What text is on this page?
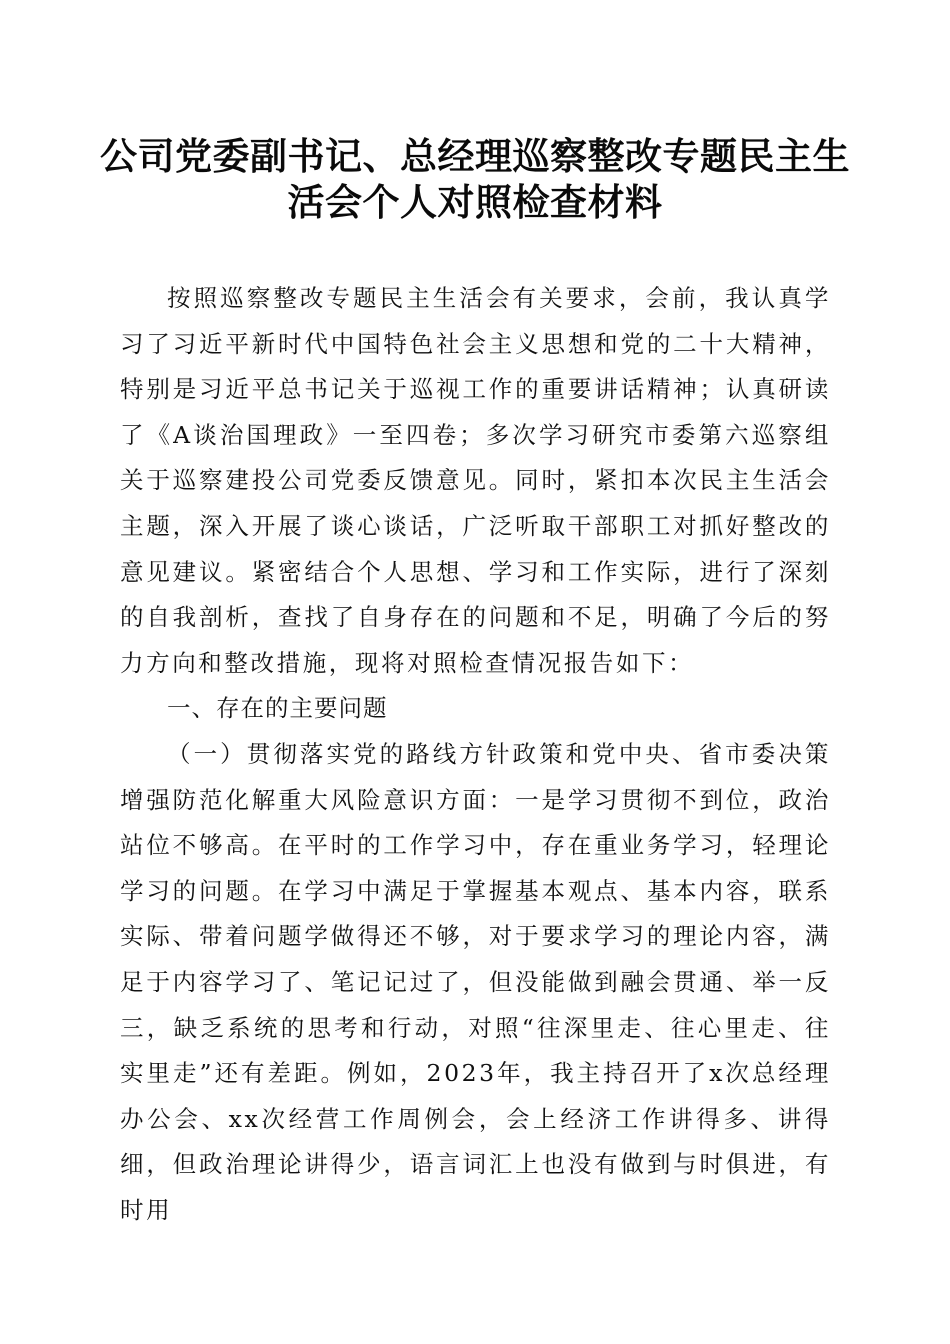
公司党委副书记、总经理巡察整改专题民主生
活会个人对照检查材料

按照巡察整改专题民主生活会有关要求，会前，我认真学习了习近平新时代中国特色社会主义思想和党的二十大精神，特别是习近平总书记关于巡视工作的重要讲话精神；认真研读了《A谈治国理政》一至四卷；多次学习研究市委第六巡察组关于巡察建投公司党委反馈意见。同时，紧扣本次民主生活会主题，深入开展了谈心谈话，广泛听取干部职工对抓好整改的意见建议。紧密结合个人思想、学习和工作实际，进行了深刻的自我剖析，查找了自身存在的问题和不足，明确了今后的努力方向和整改措施，现将对照检查情况报告如下：

一、存在的主要问题

（一）贯彻落实党的路线方针政策和党中央、省市委决策增强防范化解重大风险意识方面：一是学习贯彻不到位，政治站位不够高。在平时的工作学习中，存在重业务学习，轻理论学习的问题。在学习中满足于掌握基本观点、基本内容，联系实际、带着问题学做得还不够，对于要求学习的理论内容，满足于内容学习了、笔记记过了，但没能做到融会贯通、举一反三，缺乏系统的思考和行动，对照“往深里走、往心里走、往实里走”还有差距。例如，2023年，我主持召开了x次总经理办公会、xx次经营工作周例会，会上经济工作讲得多、讲得细，但政治理论讲得少，语言词汇上也没有做到与时俱进，有时用
